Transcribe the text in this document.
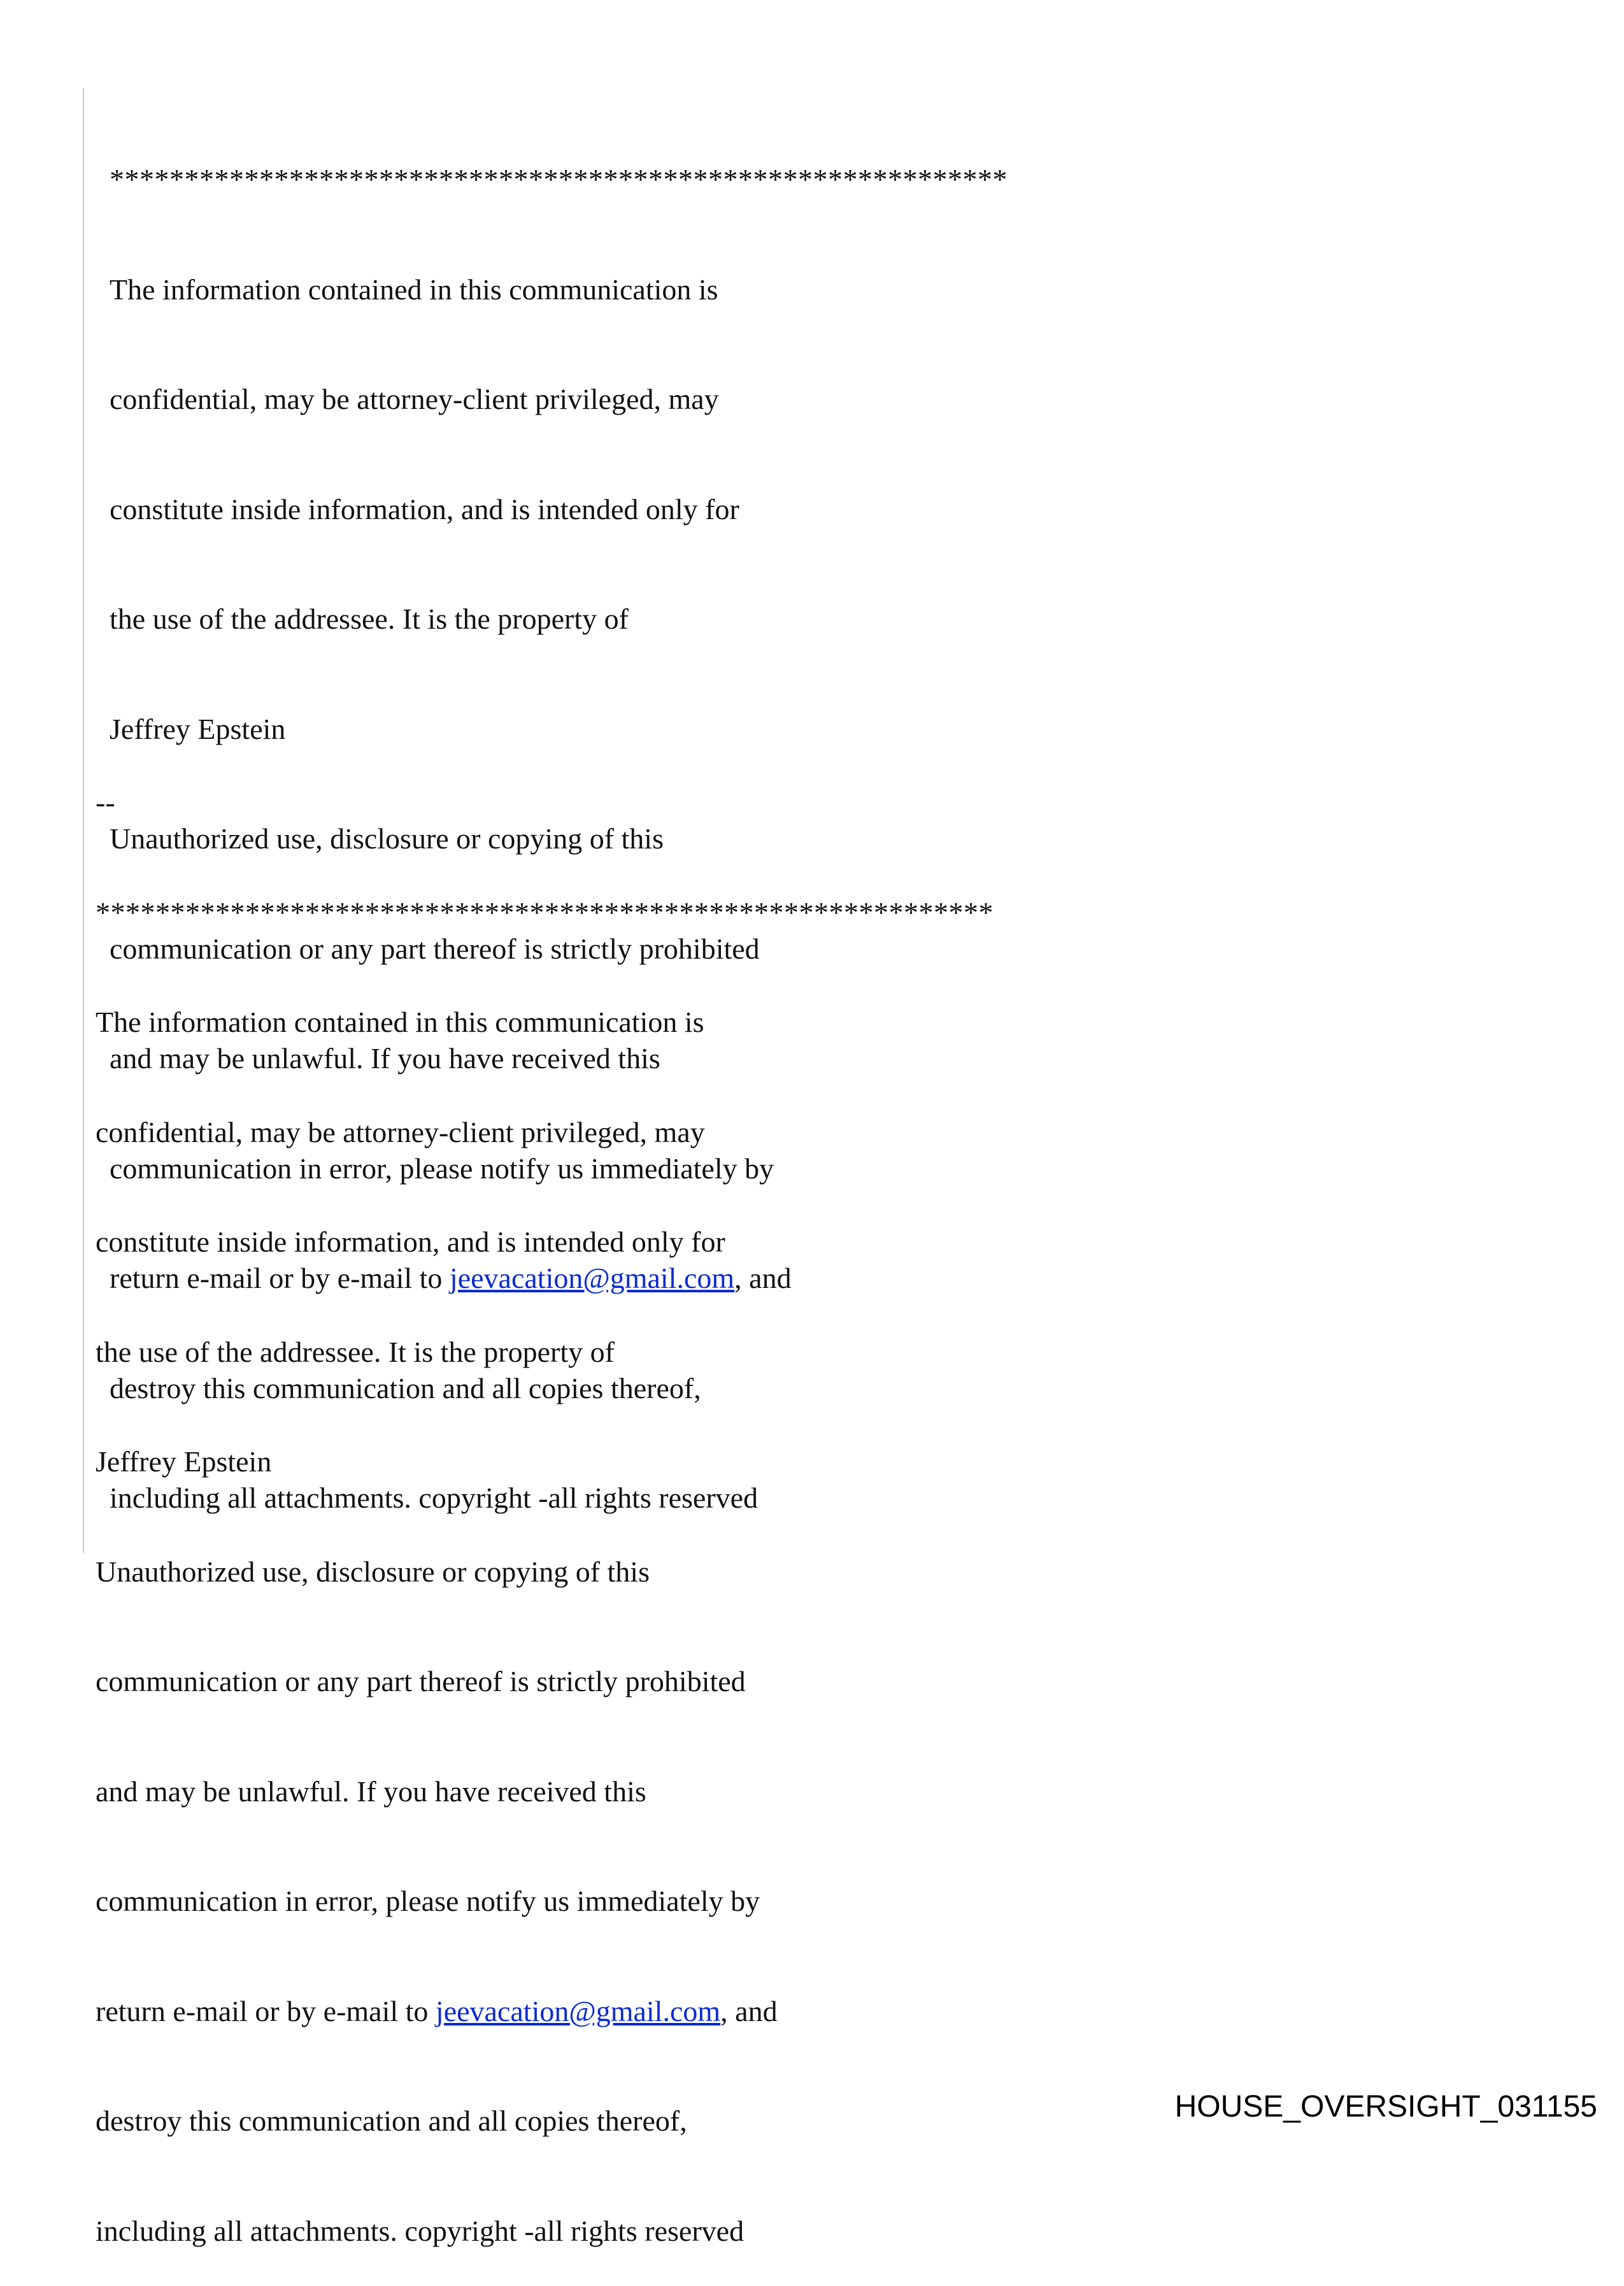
************************************************************

The information contained in this communication is

confidential, may be attorney-client privileged, may

constitute inside information, and is intended only for

the use of the addressee. It is the property of

Jeffrey Epstein

Unauthorized use, disclosure or copying of this

communication or any part thereof is strictly prohibited

and may be unlawful. If you have received this

communication in error, please notify us immediately by

return e-mail or by e-mail to jeevacation@gmail.com, and

destroy this communication and all copies thereof,

including all attachments. copyright -all rights reserved

--

************************************************************

The information contained in this communication is

confidential, may be attorney-client privileged, may

constitute inside information, and is intended only for

the use of the addressee. It is the property of

Jeffrey Epstein

Unauthorized use, disclosure or copying of this

communication or any part thereof is strictly prohibited

and may be unlawful. If you have received this

communication in error, please notify us immediately by

return e-mail or by e-mail to jeevacation@gmail.com, and

destroy this communication and all copies thereof,

including all attachments. copyright -all rights reserved

HOUSE_OVERSIGHT_031155
